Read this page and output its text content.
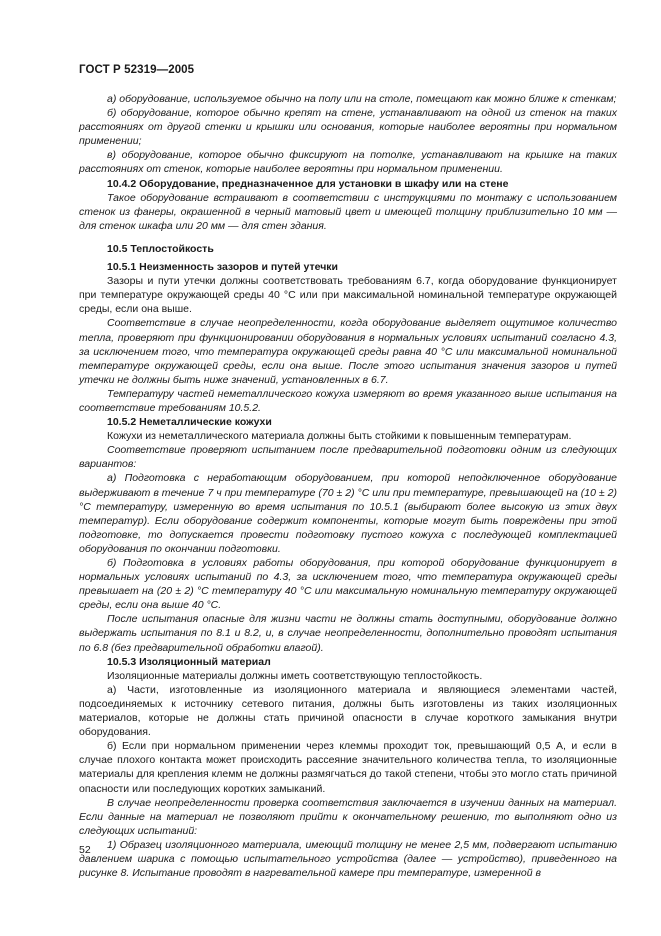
ГОСТ Р 52319—2005

а) оборудование, используемое обычно на полу или на столе, помещают как можно ближе к стенкам;

б) оборудование, которое обычно крепят на стене, устанавливают на одной из стенок на таких расстояниях от другой стенки и крышки или основания, которые наиболее вероятны при нормальном применении;

в) оборудование, которое обычно фиксируют на потолке, устанавливают на крышке на таких расстояниях от стенок, которые наиболее вероятны при нормальном применении.

10.4.2 Оборудование, предназначенное для установки в шкафу или на стене

Такое оборудование встраивают в соответствии с инструкциями по монтажу с использованием стенок из фанеры, окрашенной в черный матовый цвет и имеющей толщину приблизительно 10 мм — для стенок шкафа или 20 мм — для стен здания.

10.5 Теплостойкость

10.5.1 Неизменность зазоров и путей утечки

Зазоры и пути утечки должны соответствовать требованиям 6.7, когда оборудование функционирует при температуре окружающей среды 40 °С или при максимальной номинальной температуре окружающей среды, если она выше.

Соответствие в случае неопределенности, когда оборудование выделяет ощутимое количество тепла, проверяют при функционировании оборудования в нормальных условиях испытаний согласно 4.3, за исключением того, что температура окружающей среды равна 40 °С или максимальной номинальной температуре окружающей среды, если она выше. После этого испытания значения зазоров и путей утечки не должны быть ниже значений, установленных в 6.7.

Температуру частей неметаллического кожуха измеряют во время указанного выше испытания на соответствие требованиям 10.5.2.

10.5.2 Неметаллические кожухи

Кожухи из неметаллического материала должны быть стойкими к повышенным температурам.

Соответствие проверяют испытанием после предварительной подготовки одним из следующих вариантов:

а) Подготовка с неработающим оборудованием, при которой неподключенное оборудование выдерживают в течение 7 ч при температуре (70 ± 2) °С или при температуре, превышающей на (10 ± 2) °С температуру, измеренную во время испытания по 10.5.1 (выбирают более высокую из этих двух температур). Если оборудование содержит компоненты, которые могут быть повреждены при этой подготовке, то допускается провести подготовку пустого кожуха с последующей комплектацией оборудования по окончании подготовки.

б) Подготовка в условиях работы оборудования, при которой оборудование функционирует в нормальных условиях испытаний по 4.3, за исключением того, что температура окружающей среды превышает на (20 ± 2) °С температуру 40 °С или максимальную номинальную температуру окружающей среды, если она выше 40 °С.

После испытания опасные для жизни части не должны стать доступными, оборудование должно выдержать испытания по 8.1 и 8.2, и, в случае неопределенности, дополнительно проводят испытания по 6.8 (без предварительной обработки влагой).

10.5.3 Изоляционный материал

Изоляционные материалы должны иметь соответствующую теплостойкость.

а) Части, изготовленные из изоляционного материала и являющиеся элементами частей, подсоединяемых к источнику сетевого питания, должны быть изготовлены из таких изоляционных материалов, которые не должны стать причиной опасности в случае короткого замыкания внутри оборудования.

б) Если при нормальном применении через клеммы проходит ток, превышающий 0,5 А, и если в случае плохого контакта может происходить рассеяние значительного количества тепла, то изоляционные материалы для крепления клемм не должны размягчаться до такой степени, чтобы это могло стать причиной опасности или последующих коротких замыканий.

В случае неопределенности проверка соответствия заключается в изучении данных на материал. Если данные на материал не позволяют прийти к окончательному решению, то выполняют одно из следующих испытаний:

1) Образец изоляционного материала, имеющий толщину не менее 2,5 мм, подвергают испытанию давлением шарика с помощью испытательного устройства (далее — устройство), приведенного на рисунке 8. Испытание проводят в нагревательной камере при температуре, измеренной в

52
